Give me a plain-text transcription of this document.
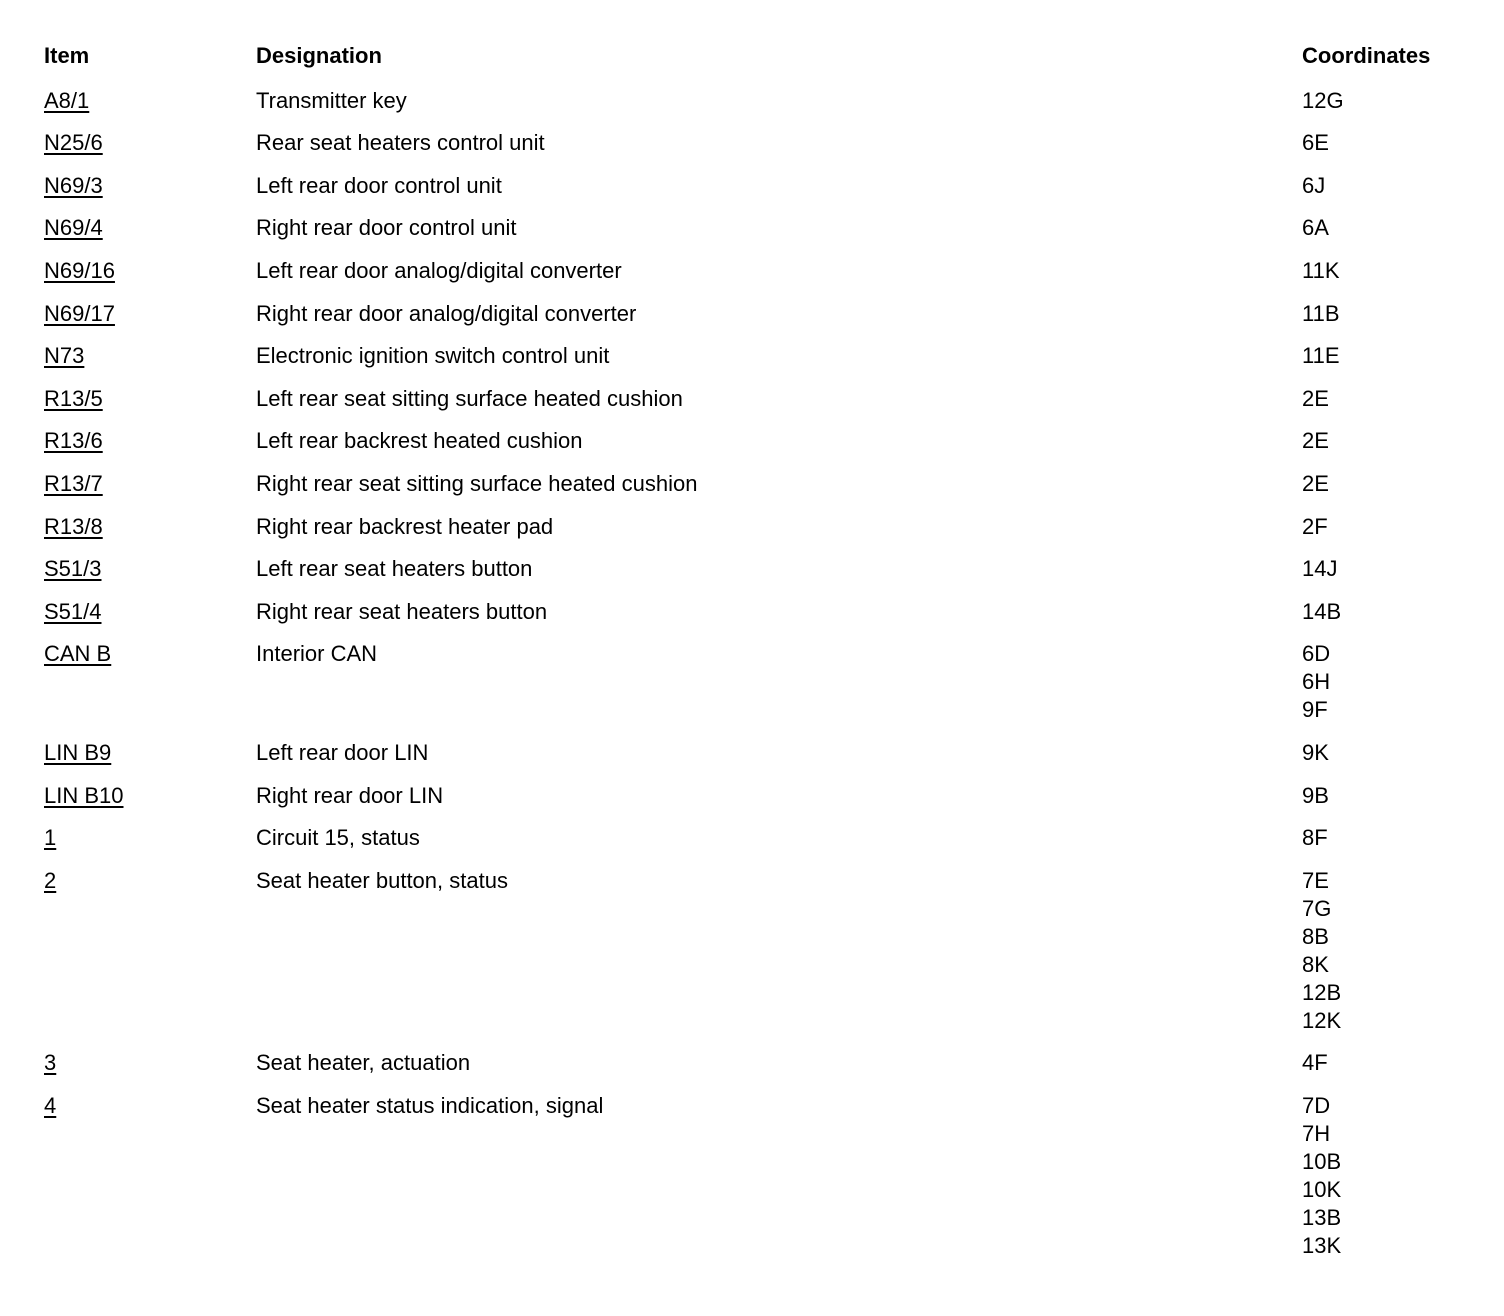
Item	Designation	Coordinates
A8/1	Transmitter key	12G
N25/6	Rear seat heaters control unit	6E
N69/3	Left rear door control unit	6J
N69/4	Right rear door control unit	6A
N69/16	Left rear door analog/digital converter	11K
N69/17	Right rear door analog/digital converter	11B
N73	Electronic ignition switch control unit	11E
R13/5	Left rear seat sitting surface heated cushion	2E
R13/6	Left rear backrest heated cushion	2E
R13/7	Right rear seat sitting surface heated cushion	2E
R13/8	Right rear backrest heater pad	2F
S51/3	Left rear seat heaters button	14J
S51/4	Right rear seat heaters button	14B
CAN B	Interior CAN	6D
6H
9F
LIN B9	Left rear door LIN	9K
LIN B10	Right rear door LIN	9B
1	Circuit 15, status	8F
2	Seat heater button, status	7E
7G
8B
8K
12B
12K
3	Seat heater, actuation	4F
4	Seat heater status indication, signal	7D
7H
10B
10K
13B
13K
